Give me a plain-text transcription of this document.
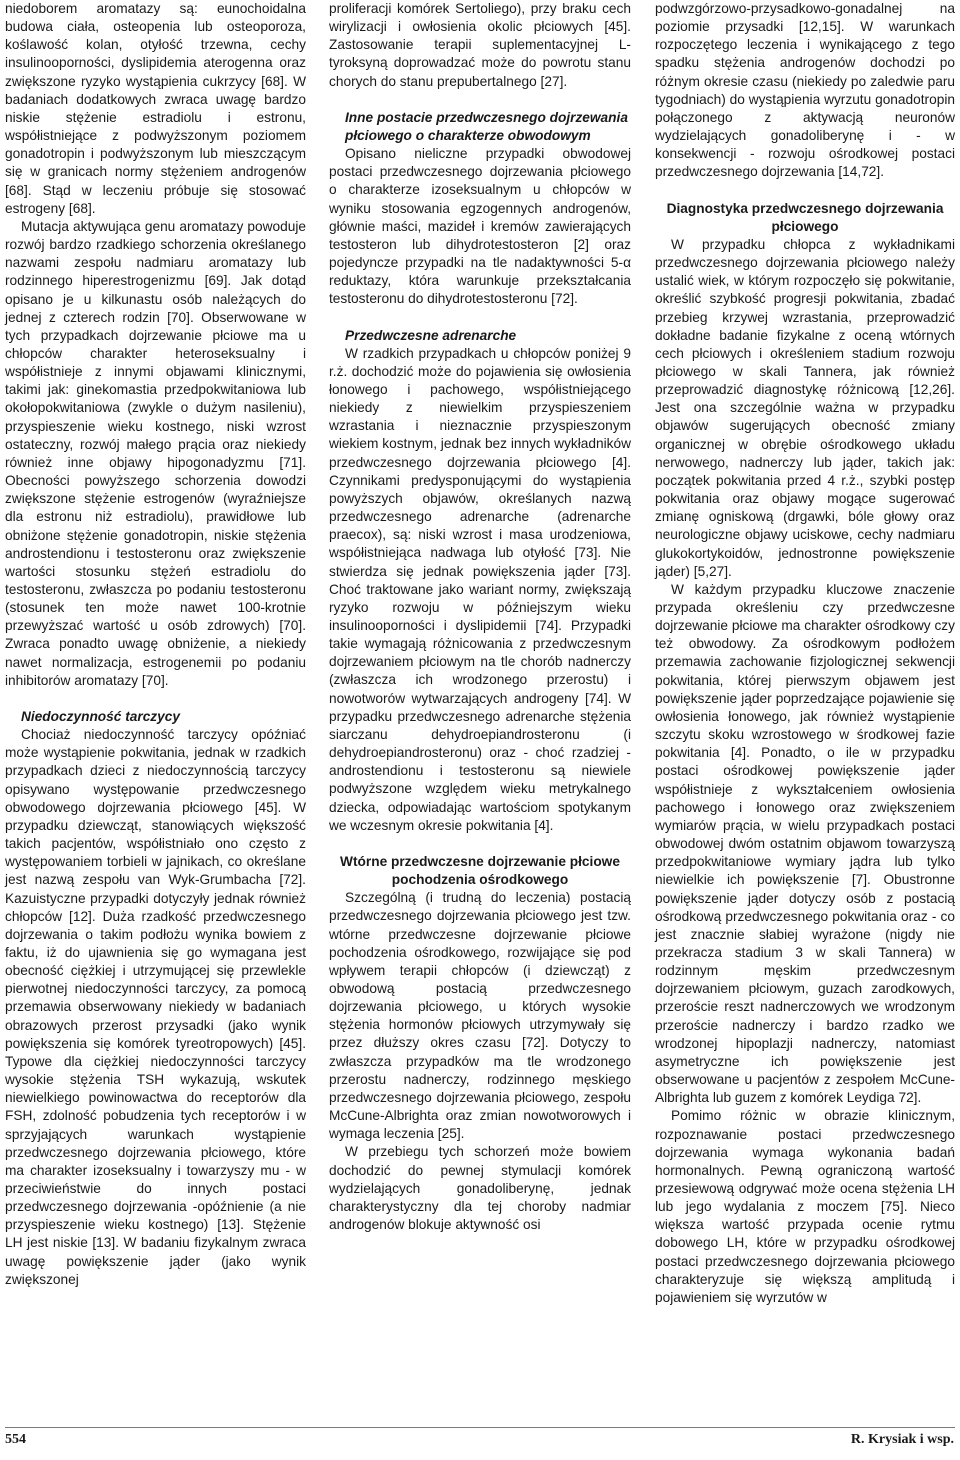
niedoborem aromatazy są: eunochoidalna budowa ciała, osteopenia lub osteoporoza, koślawość kolan, otyłość trzewna, cechy insulinooporności, dyslipidemia aterogenna oraz zwiększone ryzyko wystąpienia cukrzycy [68]. W badaniach dodatkowych zwraca uwagę bardzo niskie stężenie estradiolu i estronu, współistniejące z podwyższonym poziomem gonadotropin i podwyższonym lub mieszczącym się w granicach normy stężeniem androgenów [68]. Stąd w leczeniu próbuje się stosować estrogeny [68].

Mutacja aktywująca genu aromatazy powoduje rozwój bardzo rzadkiego schorzenia określanego nazwami zespołu nadmiaru aromatazy lub rodzinnego hiperestrogenizmu [69]. Jak dotąd opisano je u kilkunastu osób należących do jednej z czterech rodzin [70]. Obserwowane w tych przypadkach dojrzewanie płciowe ma u chłopców charakter heteroseksualny i współistnieje z innymi objawami klinicznymi, takimi jak: ginekomastia przedpokwitaniowa lub okołopokwitaniowa (zwykle o dużym nasileniu), przyspieszenie wieku kostnego, niski wzrost ostateczny, rozwój małego prącia oraz niekiedy również inne objawy hipogonadyzmu [71]. Obecności powyższego schorzenia dowodzi zwiększone stężenie estrogenów (wyraźniejsze dla estronu niż estradiolu), prawidłowe lub obniżone stężenie gonadotropin, niskie stężenia androstendionu i testosteronu oraz zwiększenie wartości stosunku stężeń estradiolu do testosteronu, zwłaszcza po podaniu testosteronu (stosunek ten może nawet 100-krotnie przewyższać wartość u osób zdrowych) [70]. Zwraca ponadto uwagę obniżenie, a niekiedy nawet normalizacja, estrogenemii po podaniu inhibitorów aromatazy [70].

Niedoczynność tarczycy

Chociaż niedoczynność tarczycy opóźniać może wystąpienie pokwitania, jednak w rzadkich przypadkach dzieci z niedoczynnością tarczycy opisywano występowanie przedwczesnego obwodowego dojrzewania płciowego [45]. W przypadku dziewcząt, stanowiących większość takich pacjentów, współistniało ono często z występowaniem torbieli w jajnikach, co określane jest nazwą zespołu van Wyk-Grumbacha [72]. Kazuistyczne przypadki dotyczyły jednak również chłopców [12]. Duża rzadkość przedwczesnego dojrzewania o takim podłożu wynika bowiem z faktu, iż do ujawnienia się go wymagana jest obecność ciężkiej i utrzymującej się przewlekle pierwotnej niedoczynności tarczycy, za pomocą przemawia obserwowany niekiedy w badaniach obrazowych przerost przysadki (jako wynik powiększenia się komórek tyreotropowych) [45]. Typowe dla ciężkiej niedoczynności tarczycy wysokie stężenia TSH wykazują, wskutek niewielkiego powinowactwa do receptorów dla FSH, zdolność pobudzenia tych receptorów i w sprzyjających warunkach wystąpienie przedwczesnego dojrzewania płciowego, które ma charakter izoseksualny i towarzyszy mu - w przeciwieństwie do innych postaci przedwczesnego dojrzewania -opóźnienie (a nie przyspieszenie wieku kostnego) [13]. Stężenie LH jest niskie [13]. W badaniu fizykalnym zwraca uwagę powiększenie jąder (jako wynik zwiększonej

proliferacji komórek Sertoliego), przy braku cech wirylizacji i owłosienia okolic płciowych [45]. Zastosowanie terapii suplementacyjnej L-tyroksyną doprowadzać może do powrotu stanu chorych do stanu prepubertalnego [27].

Inne postacie przedwczesnego dojrzewania płciowego o charakterze obwodowym

Opisano nieliczne przypadki obwodowej postaci przedwczesnego dojrzewania płciowego o charakterze izoseksualnym u chłopców w wyniku stosowania egzogennych androgenów, głównie maści, mazideł i kremów zawierających testosteron lub dihydrotestosteron [2] oraz pojedyncze przypadki na tle nadaktywności 5-α reduktazy, która warunkuje przekształcania testosteronu do dihydrotestosteronu [72].

Przedwczesne adrenarche

W rzadkich przypadkach u chłopców poniżej 9 r.ż. dochodzić może do pojawienia się owłosienia łonowego i pachowego, współistniejącego niekiedy z niewielkim przyspieszeniem wzrastania i nieznacznie przyspieszonym wiekiem kostnym, jednak bez innych wykładników przedwczesnego dojrzewania płciowego [4]. Czynnikami predysponującymi do wystąpienia powyższych objawów, określanych nazwą przedwczesnego adrenarche (adrenarche praecox), są: niski wzrost i masa urodzeniowa, współistniejąca nadwaga lub otyłość [73]. Nie stwierdza się jednak powiększenia jąder [73]. Choć traktowane jako wariant normy, zwiększają ryzyko rozwoju w późniejszym wieku insulinooporności i dyslipidemii [74]. Przypadki takie wymagają różnicowania z przedwczesnym dojrzewaniem płciowym na tle chorób nadnerczy (zwłaszcza ich wrodzonego przerostu) i nowotworów wytwarzających androgeny [74]. W przypadku przedwczesnego adrenarche stężenia siarczanu dehydroepiandrosteronu (i dehydroepiandrosteronu) oraz - choć rzadziej - androstendionu i testosteronu są niewiele podwyższone względem wieku metrykalnego dziecka, odpowiadając wartościom spotykanym we wczesnym okresie pokwitania [4].

Wtórne przedwczesne dojrzewanie płciowe pochodzenia ośrodkowego

Szczególną (i trudną do leczenia) postacią przedwczesnego dojrzewania płciowego jest tzw. wtórne przedwczesne dojrzewanie płciowe pochodzenia ośrodkowego, rozwijające się pod wpływem terapii chłopców (i dziewcząt) z obwodową postacią przedwczesnego dojrzewania płciowego, u których wysokie stężenia hormonów płciowych utrzymywały się przez dłuższy okres czasu [72]. Dotyczy to zwłaszcza przypadków ma tle wrodzonego przerostu nadnerczy, rodzinnego męskiego przedwczesnego dojrzewania płciowego, zespołu McCune-Albrighta oraz zmian nowotworowych i wymaga leczenia [25].

W przebiegu tych schorzeń może bowiem dochodzić do pewnej stymulacji komórek wydzielających gonadoliberynę, jednak charakterystyczny dla tej choroby nadmiar androgenów blokuje aktywność osi

podwzgórzowo-przysadkowo-gonadalnej na poziomie przysadki [12,15]. W warunkach rozpoczętego leczenia i wynikającego z tego spadku stężenia androgenów dochodzi po różnym okresie czasu (niekiedy po zaledwie paru tygodniach) do wystąpienia wyrzutu gonadotropin połączonego z aktywacją neuronów wydzielających gonadoliberynę i - w konsekwencji - rozwoju ośrodkowej postaci przedwczesnego dojrzewania [14,72].

Diagnostyka przedwczesnego dojrzewania płciowego

W przypadku chłopca z wykładnikami przedwczesnego dojrzewania płciowego należy ustalić wiek, w którym rozpoczęło się pokwitanie, określić szybkość progresji pokwitania, zbadać przebieg krzywej wzrastania, przeprowadzić dokładne badanie fizykalne z oceną wtórnych cech płciowych i określeniem stadium rozwoju płciowego w skali Tannera, jak również przeprowadzić diagnostykę różnicową [12,26]. Jest ona szczególnie ważna w przypadku objawów sugerujących obecność zmiany organicznej w obrębie ośrodkowego układu nerwowego, nadnerczy lub jąder, takich jak: początek pokwitania przed 4 r.ż., szybki postęp pokwitania oraz objawy mogące sugerować zmianę ogniskową (drgawki, bóle głowy oraz neurologiczne objawy uciskowe, cechy nadmiaru glukokortykoidów, jednostronne powiększenie jąder) [5,27].

W każdym przypadku kluczowe znaczenie przypada określeniu czy przedwczesne dojrzewanie płciowe ma charakter ośrodkowy czy też obwodowy. Za ośrodkowym podłożem przemawia zachowanie fizjologicznej sekwencji pokwitania, której pierwszym objawem jest powiększenie jąder poprzedzające pojawienie się owłosienia łonowego, jak również wystąpienie szczytu skoku wzrostowego w środkowej fazie pokwitania [4]. Ponadto, o ile w przypadku postaci ośrodkowej powiększenie jąder współistnieje z wykształceniem owłosienia pachowego i łonowego oraz zwiększeniem wymiarów prącia, w wielu przypadkach postaci obwodowej dwóm ostatnim objawom towarzyszą przedpokwitaniowe wymiary jądra lub tylko niewielkie ich powiększenie [7]. Obustronne powiększenie jąder dotyczy osób z postacią ośrodkową przedwczesnego pokwitania oraz - co jest znacznie słabiej wyrażone (nigdy nie przekracza stadium 3 w skali Tannera) w rodzinnym męskim przedwczesnym dojrzewaniem płciowym, guzach zarodkowych, przeroście reszt nadnerczowych we wrodzonym przeroście nadnerczy i bardzo rzadko we wrodzonej hipoplazji nadnerczy, natomiast asymetryczne ich powiększenie jest obserwowane u pacjentów z zespołem McCune-Albrighta lub guzem z komórek Leydiga 72].

Pomimo różnic w obrazie klinicznym, rozpoznawanie postaci przedwczesnego dojrzewania wymaga wykonania badań hormonalnych. Pewną ograniczoną wartość przesiewową odgrywać może ocena stężenia LH lub jego wydalania z moczem [75]. Nieco większa wartość przypada ocenie rytmu dobowego LH, które w przypadku ośrodkowej postaci przedwczesnego dojrzewania płciowego charakteryzuje się większą amplitudą i pojawieniem się wyrzutów w

554	R. Krysiak i wsp.
